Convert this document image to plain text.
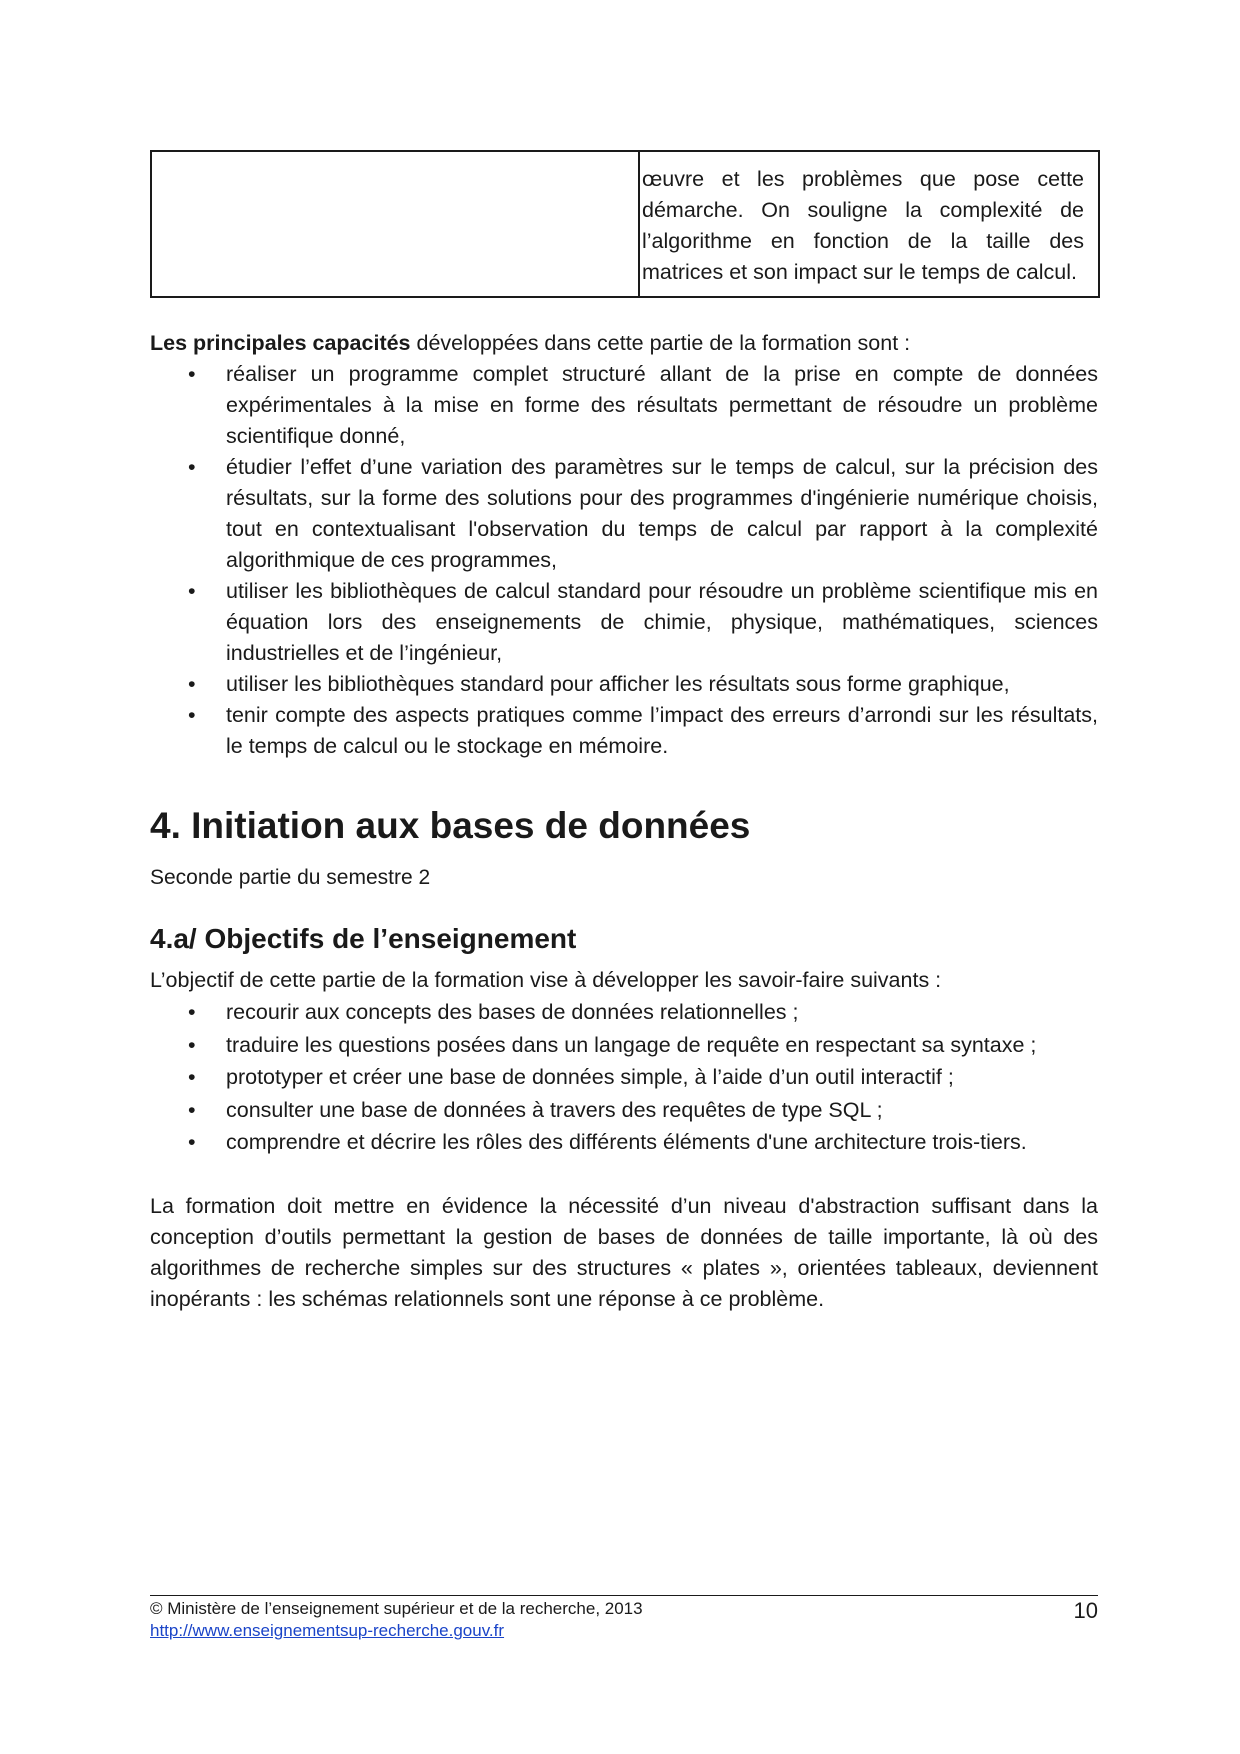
	œuvre et les problèmes que pose cette démarche. On souligne la complexité de l’algorithme en fonction de la taille des matrices et son impact sur le temps de calcul.
Les principales capacités développées dans cette partie de la formation sont :
• réaliser un programme complet structuré allant de la prise en compte de données expérimentales à la mise en forme des résultats permettant de résoudre un problème scientifique donné,
• étudier l’effet d’une variation des paramètres sur le temps de calcul, sur la précision des résultats, sur la forme des solutions pour des programmes d'ingénierie numérique choisis, tout en contextualisant l'observation du temps de calcul par rapport à la complexité algorithmique de ces programmes,
• utiliser les bibliothèques de calcul standard pour résoudre un problème scientifique mis en équation lors des enseignements de chimie, physique, mathématiques, sciences industrielles et de l’ingénieur,
• utiliser les bibliothèques standard pour afficher les résultats sous forme graphique,
• tenir compte des aspects pratiques comme l’impact des erreurs d’arrondi sur les résultats, le temps de calcul ou le stockage en mémoire.
4. Initiation aux bases de données
Seconde partie du semestre 2
4.a/ Objectifs de l’enseignement
L’objectif de cette partie de la formation vise à développer les savoir-faire suivants :
• recourir aux concepts des bases de données relationnelles ;
• traduire les questions posées dans un langage de requête en respectant sa syntaxe ;
• prototyper et créer une base de données simple, à l’aide d’un outil interactif ;
• consulter une base de données à travers des requêtes de type SQL ;
• comprendre et décrire les rôles des différents éléments d'une architecture trois-tiers.

La formation doit mettre en évidence la nécessité d’un niveau d'abstraction suffisant dans la conception d’outils permettant la gestion de bases de données de taille importante, là où des algorithmes de recherche simples sur des structures « plates », orientées tableaux, deviennent inopérants : les schémas relationnels sont une réponse à ce problème.

© Ministère de l’enseignement supérieur et de la recherche, 2013
http://www.enseignementsup-recherche.gouv.fr
10
